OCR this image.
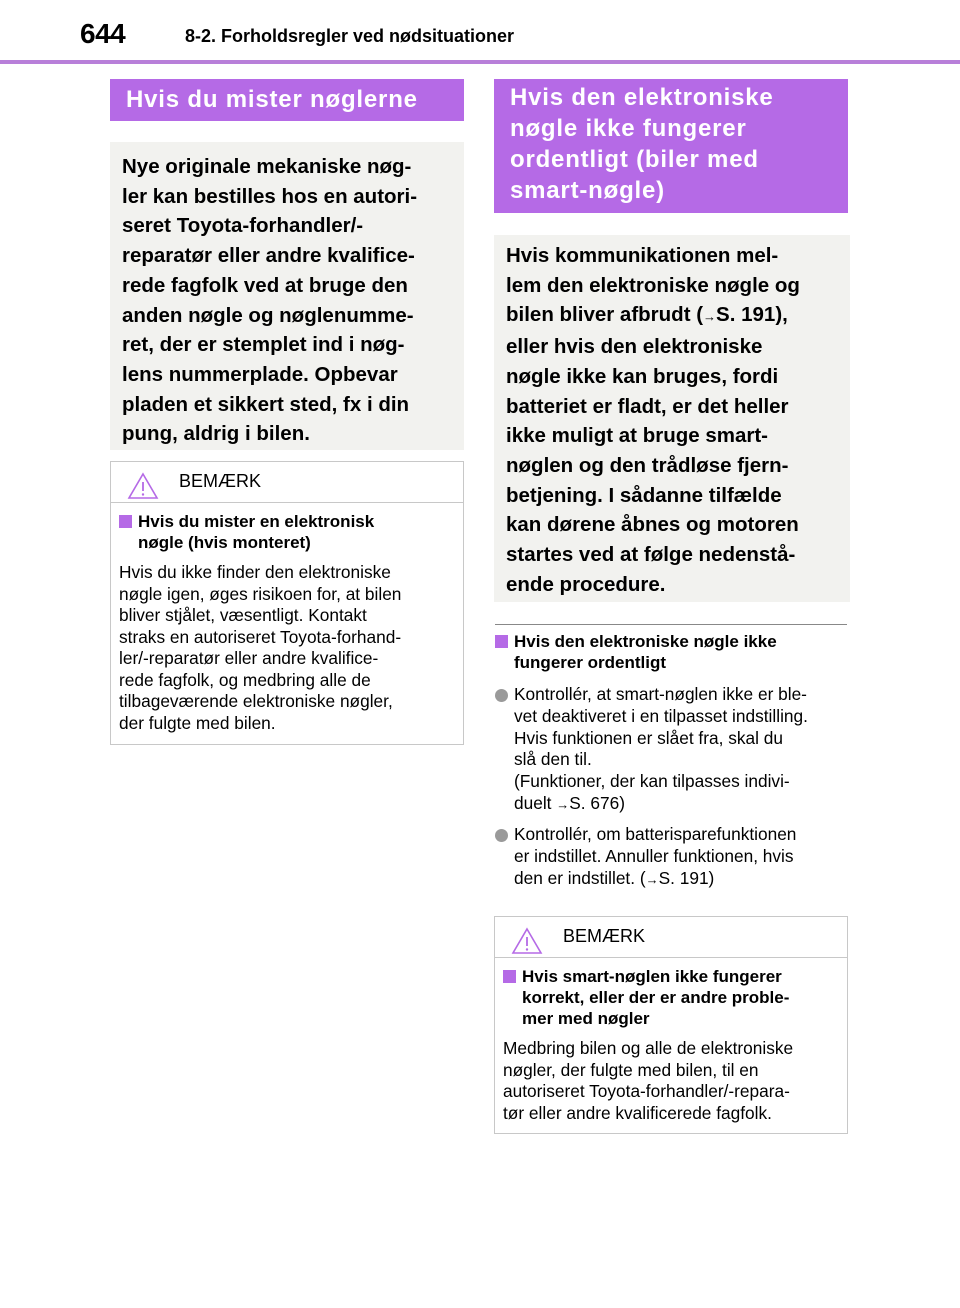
644	8-2. Forholdsregler ved nødsituationer
Hvis du mister nøglerne

Nye originale mekaniske nøg-

ler kan bestilles hos en autori-

seret Toyota-forhandler/-

reparatør eller andre kvalifice-

rede fagfolk ved at bruge den

anden nøgle og nøglenumme-

ret, der er stemplet ind i nøg-

lens nummerplade. Opbevar

pladen et sikkert sted, fx i din

pung, aldrig i bilen.

BEMÆRK
Hvis du mister en elektronisk
nøgle (hvis monteret)
Hvis du ikke finder den elektroniske
nøgle igen, øges risikoen for, at bilen
bliver stjålet, væsentligt. Kontakt
straks en autoriseret Toyota-forhand-
ler/-reparatør eller andre kvalifice-
rede fagfolk, og medbring alle de
tilbageværende elektroniske nøgler,
der fulgte med bilen.
Hvis den elektroniske
nøgle ikke fungerer
ordentligt (biler med
smart-nøgle)

Hvis kommunikationen mel-

lem den elektroniske nøgle og

bilen bliver afbrudt (→S. 191),

eller hvis den elektroniske

nøgle ikke kan bruges, fordi

batteriet er fladt, er det heller

ikke muligt at bruge smart-

nøglen og den trådløse fjern-

betjening. I sådanne tilfælde

kan dørene åbnes og motoren

startes ved at følge nedenstå-

ende procedure.

Hvis den elektroniske nøgle ikke
fungerer ordentligt
Kontrollér, at smart-nøglen ikke er ble-
vet deaktiveret i en tilpasset indstilling.
Hvis funktionen er slået fra, skal du
slå den til.
(Funktioner, der kan tilpasses indivi-
duelt →S. 676)
Kontrollér, om batterisparefunktionen
er indstillet. Annuller funktionen, hvis
den er indstillet. (→S. 191)
BEMÆRK
Hvis smart-nøglen ikke fungerer
korrekt, eller der er andre proble-
mer med nøgler
Medbring bilen og alle de elektroniske
nøgler, der fulgte med bilen, til en
autoriseret Toyota-forhandler/-repara-
tør eller andre kvalificerede fagfolk.
